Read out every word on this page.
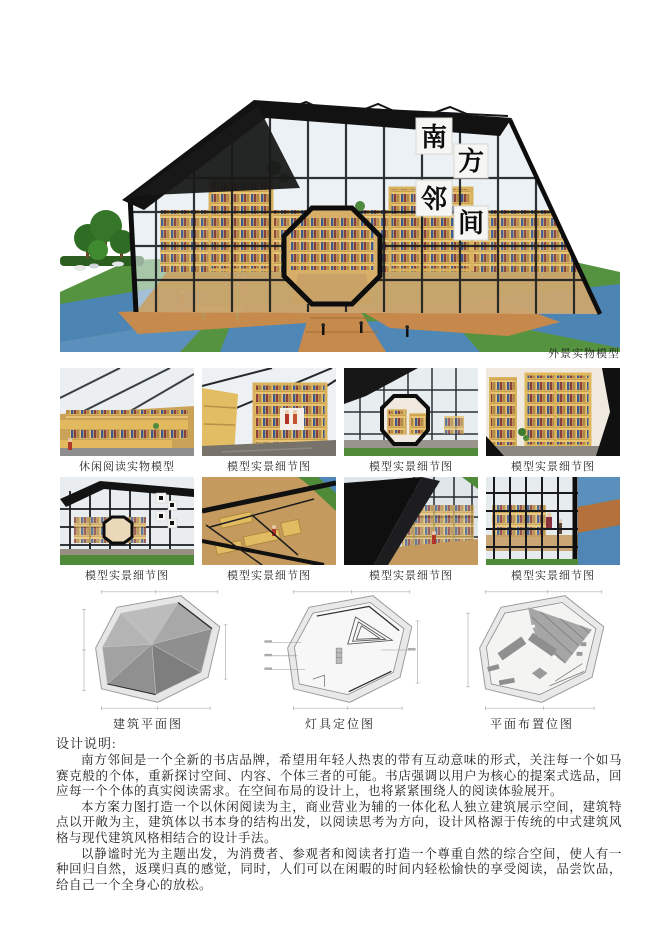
南
方
邻
间
外景实物模型
休闲阅读实物模型	模型实景细节图	模型实景细节图	模型实景细节图
模型实景细节图	模型实景细节图	模型实景细节图	模型实景细节图
建筑平面图	灯具定位图	平面布置位图
设计说明:

南方邻间是一个全新的书店品牌，希望用年轻人热衷的带有互动意味的形式，关注每一个如马赛克般的个体，重新探讨空间、内容、个体三者的可能。书店强调以用户为核心的提案式选品，回应每一个个体的真实阅读需求。在空间布局的设计上，也将紧紧围绕人的阅读体验展开。

本方案力图打造一个以休闲阅读为主，商业营业为辅的一体化私人独立建筑展示空间，建筑特点以开敞为主，建筑体以书本身的结构出发，以阅读思考为方向，设计风格源于传统的中式建筑风格与现代建筑风格相结合的设计手法。

以静谧时光为主题出发，为消费者、参观者和阅读者打造一个尊重自然的综合空间，使人有一种回归自然，返璞归真的感觉，同时，人们可以在闲暇的时间内轻松愉快的享受阅读，品尝饮品，给自己一个全身心的放松。
